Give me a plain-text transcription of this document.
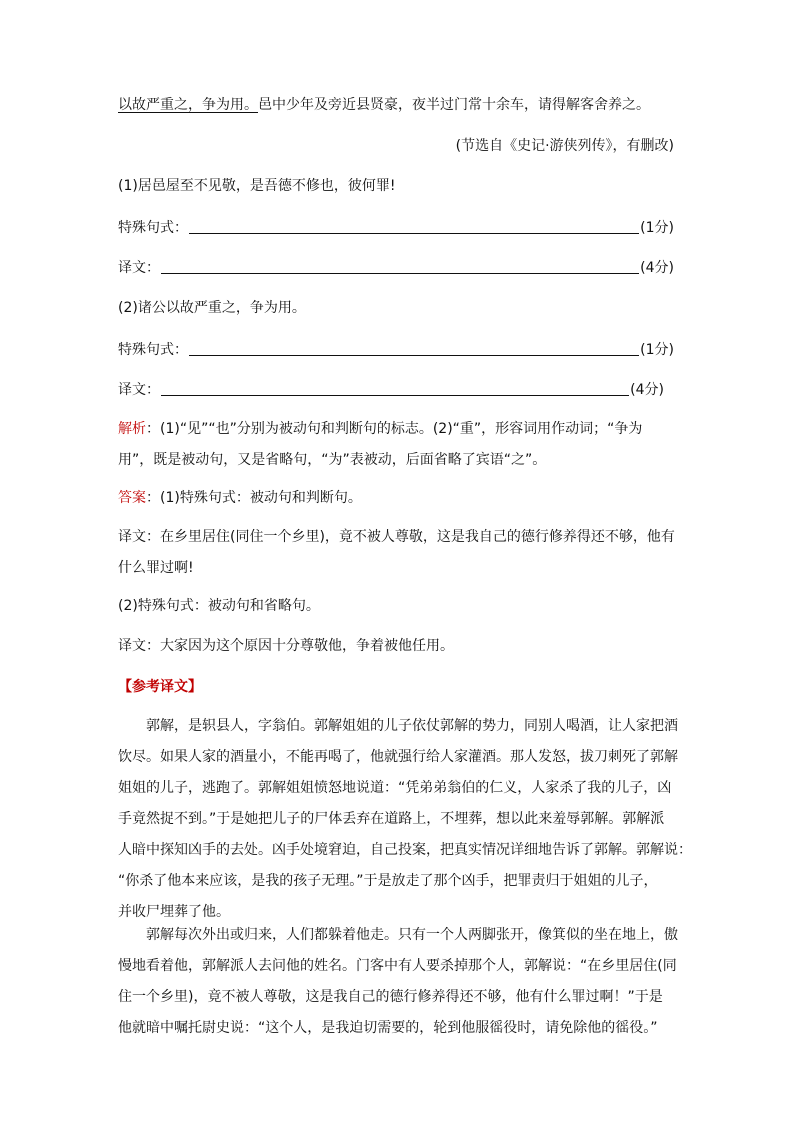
以故严重之，争为用。邑中少年及旁近县贤豪，夜半过门常十余车，请得解客舍养之。
(节选自《史记·游侠列传》，有删改)
(1)居邑屋至不见敬，是吾德不修也，彼何罪!
特殊句式：	(1分)
译文：	(4分)
(2)诸公以故严重之，争为用。
特殊句式：	(1分)
译文：	(4分)
解析：(1)“见”“也”分别为被动句和判断句的标志。(2)“重”，形容词用作动词；“争为
用”，既是被动句，又是省略句，“为”表被动，后面省略了宾语“之”。
答案：(1)特殊句式：被动句和判断句。
译文：在乡里居住(同住一个乡里)，竟不被人尊敬，这是我自己的德行修养得还不够，他有
什么罪过啊!
(2)特殊句式：被动句和省略句。
译文：大家因为这个原因十分尊敬他，争着被他任用。
【参考译文】
郭解，是轵县人，字翁伯。郭解姐姐的儿子依仗郭解的势力，同别人喝酒，让人家把酒
饮尽。如果人家的酒量小，不能再喝了，他就强行给人家灌酒。那人发怒，拔刀刺死了郭解
姐姐的儿子，逃跑了。郭解姐姐愤怒地说道：“凭弟弟翁伯的仁义，人家杀了我的儿子，凶
手竟然捉不到。”于是她把儿子的尸体丢弃在道路上，不埋葬，想以此来羞辱郭解。郭解派
人暗中探知凶手的去处。凶手处境窘迫，自己投案，把真实情况详细地告诉了郭解。郭解说：
“你杀了他本来应该，是我的孩子无理。”于是放走了那个凶手，把罪责归于姐姐的儿子，
并收尸埋葬了他。
郭解每次外出或归来，人们都躲着他走。只有一个人两脚张开，像箕似的坐在地上，傲
慢地看着他，郭解派人去问他的姓名。门客中有人要杀掉那个人，郭解说：“在乡里居住(同
住一个乡里)，竟不被人尊敬，这是我自己的德行修养得还不够，他有什么罪过啊！”于是
他就暗中嘱托尉史说：“这个人，是我迫切需要的，轮到他服徭役时，请免除他的徭役。”
